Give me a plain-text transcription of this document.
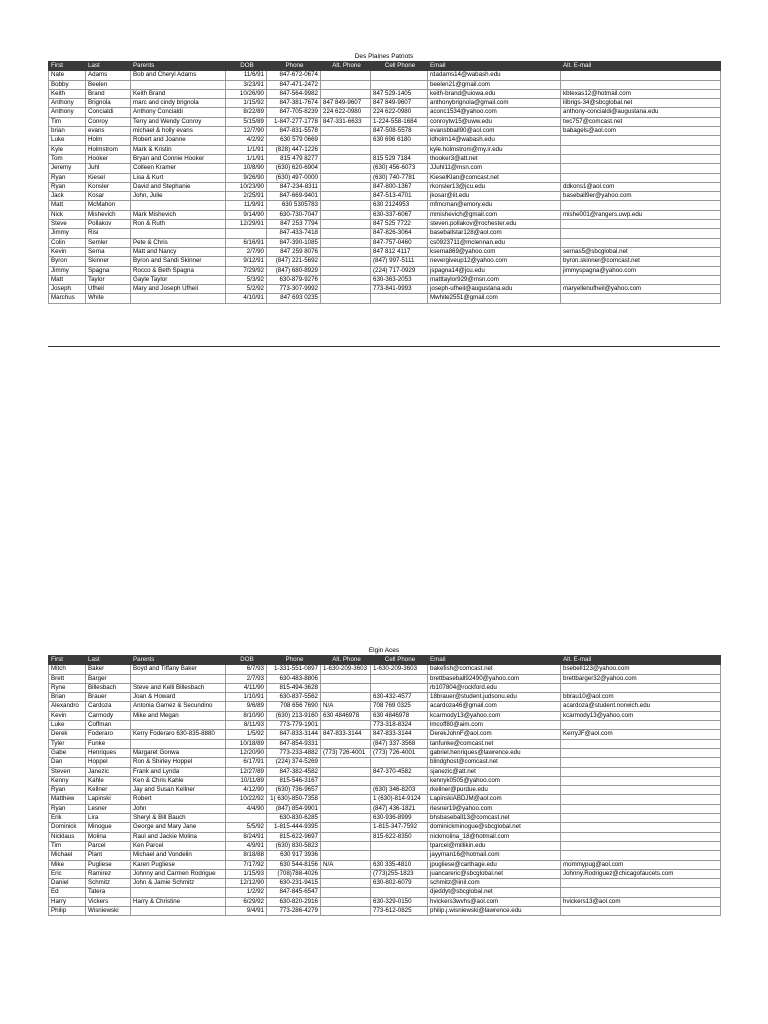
Des Plaines Patriots
First	Last	Parents	DOB	Phone	Alt. Phone	Cell Phone	Email	Alt. E-mail
Nate	Adams	Bob and Cheryl Adams	11/6/91	847-672-0674			rdadams14@wabash.edu	
Bobby	Beelen		3/23/91	847-471-2472			beelen21@gmail.com	
Keith	Brand	Keith Brand	10/26/90	847-564-9982		847 529-1405	keith-brand@uiowa.edu	kbtexas12@hotmail.com
Anthony	Brignola	marc and cindy brignola	1/15/92	847-381-7674	847 849-9607	847 849-9607	anthonybrignola@gmail.com	lilbrigs-34@sbcglobal.net
Anthony	Concialdi	Anthony Concialdi	8/22/89	847-705-8239	224 622-0980	224 622-0980	aconc1534@yahoo.com	anthony-concialdi@augustana.edu
Tim	Conroy	Terry and Wendy Conroy	5/15/89	1-847-277-1778	847-331-6633	1-224-558-1684	conroytw15@uww.edu	twc757@comcast.net
brian	evans	michael & holly evans	12/7/90	847-831-5578		847-508-5578	evansbball90@aol.com	babagels@aol.com
Luke	Holm	Robert and Joanne	4/2/92	630 579 0669		630 696 6180	ldholm14@wabash.edu	
Kyle	Holmstrom	Mark & Kristin	1/1/91	(828) 447-1226			kyle.holmstrom@my.ir.edu	
Tom	Hooker	Bryan and Connie Hooker	1/1/91	815 479 8277		815 529 7184	thooker3@att.net	
Jeremy	Juhl	Colleen Kramer	10/8/90	(630) 620-6904		(630) 456-6073	JJuhl11@msn.com	
Ryan	Kiesel	Lisa & Kurt	9/26/90	(630) 497-0000		(630) 740-7781	KieselKlan@comcast.net	
Ryan	Konsler	David and Stephanie	10/23/90	847-234-8311		847-800-1367	rkonsler13@jcu.edu	ddkons1@aol.com
Jack	Kosar	John, Julie	2/25/91	847-669-9401		847-513-4701	jkosar@iit.edu	baseball9er@yahoo.com
Matt	McMahon		11/9/91	630 5305783		630 2124953	mfmcman@emory.edu	
Nick	Mishevich	Mark Mishevich	9/14/90	630-730-7047		630-337-6067	mmishevich@gmail.com	mishe001@rangers.uwp.edu
Steve	Pollakov	Ron & Ruth	12/29/91	847 253 7794		847 525 7722	steven.pollakov@rochester.edu	
Jimmy	Risi			847-433-7418		847-826-3064	baseballstar128@aol.com	
Colin	Semler	Pete & Chris	6/16/91	847-390-1085		847-757-0460	cs0923711@mclennan.edu	
Kevin	Serna	Matt and Nancy	2/7/90	847 259 8076		847 812 4117	kserna869@yahoo.com	sernas5@sbcglobal.net
Byron	Skinner	Byron and Sandi Skinner	9/12/91	(847) 221-5692		(847) 997-5111	nevergiveup12@yahoo.com	byron.skinner@comcast.net
Jimmy	Spagna	Rocco & Beth Spagna	7/29/92	(847) 680-8929		(224) 717-0929	jspagna14@jcu.edu	jimmyspagna@yahoo.com
Matt	Taylor	Gayle Taylor	5/3/92	630-879-9276		630-363-2053	matttaylor929@msn.com	
Joseph	Ufheil	Mary and Joseph Ufheil	5/2/92	773-307-9992		773-841-9993	joseph-ufheil@augustana.edu	maryellenufheil@yahoo.com
Marchus	White		4/10/91	847 693 0235			Mwhite2551@gmail.com	
Elgin Aces
First	Last	Parents	DOB	Phone	Alt. Phone	Cell Phone	Email	Alt. E-mail
Mitch	Baker	Boyd and Tiffany Baker	6/7/93	1-331-551-0897	1-630-209-3603	1-630-209-3603	bakefish@comcast.net	bsebell123@yahoo.com
Brett	Barger		2/7/93	630-483-8806			brettbaseball92490@yahoo.com	brettbarger32@yahoo.com
Ryne	Billesbach	Steve and Kelli Billesbach	4/11/90	815-494-3628			rb107804@rockford.edu	
Brian	Brauer	Joan & Howard	1/10/91	630-837-5562		630-432-4577	18brauer@student.judsonu.edu	bbrau10@aol.com
Alexandro	Cardoza	Antonia Gamez & Secundino	9/6/89	708 656 7690	N/A	708 769 0325	acardoza46@gmail.com	acardoza@student.norwich.edu
Kevin	Carmody	Mike and Megan	8/10/90	(630) 213-9160	630 4846978	630 4846978	kcarmody13@yahoo.com	kcarmody13@yahoo.com
Luke	Coffman		8/11/93	773-779-1901		773-318-8324	lmcoff80@aim.com	
Derek	Foderaro	Kerry Foderaro 630-835-8880	1/5/92	847-833-3144	847-833-3144	847-833-3144	DerekJohnF@aol.com	KerryJF@aol.com
Tyler	Funke		10/18/89	847-854-9331		(847) 337-3568	tanfunke@comcast.net	
Gabe	Henriques	Margaret Gonwa	12/20/90	773-233-4882	(773) 726-4001	(773) 726-4001	gabriel.henriques@lawrence.edu	
Dan	Hoppel	Ron & Shirley Hoppel	6/17/91	(224) 374-5269			blindghost@comcast.net	
Steven	Janezic	Frank and Lynda	12/27/89	847-382-4582		847-370-4582	sjanezic@att.net	
Kenny	Kahle	Ken & Chris Kahle	10/11/89	815-546-3167			kennyk0505@yahoo.com	
Ryan	Kellner	Jay and Susan Kellner	4/12/90	(630) 736-9657		(630) 346-8203	rkellner@purdue.edu	
Matthew	Lapinski	Robert	10/22/92	1( 630)-850-7358		1 (630)-814-9124	LapinskiABDJM@aol.com	
Ryan	Lesner	John	4/4/90	(847) 854-9901		(847) 436-1821	rlesner19@yahoo.com	
Erik	Lira	Sheryl & Bill Bauch		630-830-6285		630-936-8999	bhsbaseball13@comcast.net	
Dominick	Minogue	George and Mary Jane	5/5/92	1-815-444-9395		1-815-347-7592	dominickminogue@sbcglobal.net	
Nicklaus	Molina	Raul and Jackie Molina	8/24/91	815-622-9697		815-622-8350	nickmolina_18@hotmail.com	
Tim	Parcel	Ken Parcel	4/9/91	(630) 830-5823			tparcel@millikin.edu	
Michael	Plant	Michael and Vondelin	8/18/88	630 917 3936			jayyman16@hotmail.com	
Mike	Pugliese	Karen Pugliese	7/17/92	630 544-8156	N/A	630 335-4810	jpugliese@carthage.edu	mommypug@aol.com
Eric	Ramirez	Johnny and Carmen Rodrigue	1/15/93	(708)788-4026		(773)255-1823	juancareric@sbcglobal.net	Johnny.Rodriguez@chicagofaucets.com
Daniel	Schmitz	John & Jamie Schmitz	12/12/90	630-231-9415		630-802-6079	schmitz@iinil.com	
Ed	Tatera		1/2/92	847-845-6547			djeddyt@sbcglobal.net	
Harry	Vickers	Harry & Christine	6/29/92	630-820-2916		630-329-0150	hvickers3wvhs@aol.com	hvickers13@aol.com
Philip	Wisniewski		9/4/91	773-286-4279		773-612-0825	philip.j.wisniewski@lawrence.edu	
